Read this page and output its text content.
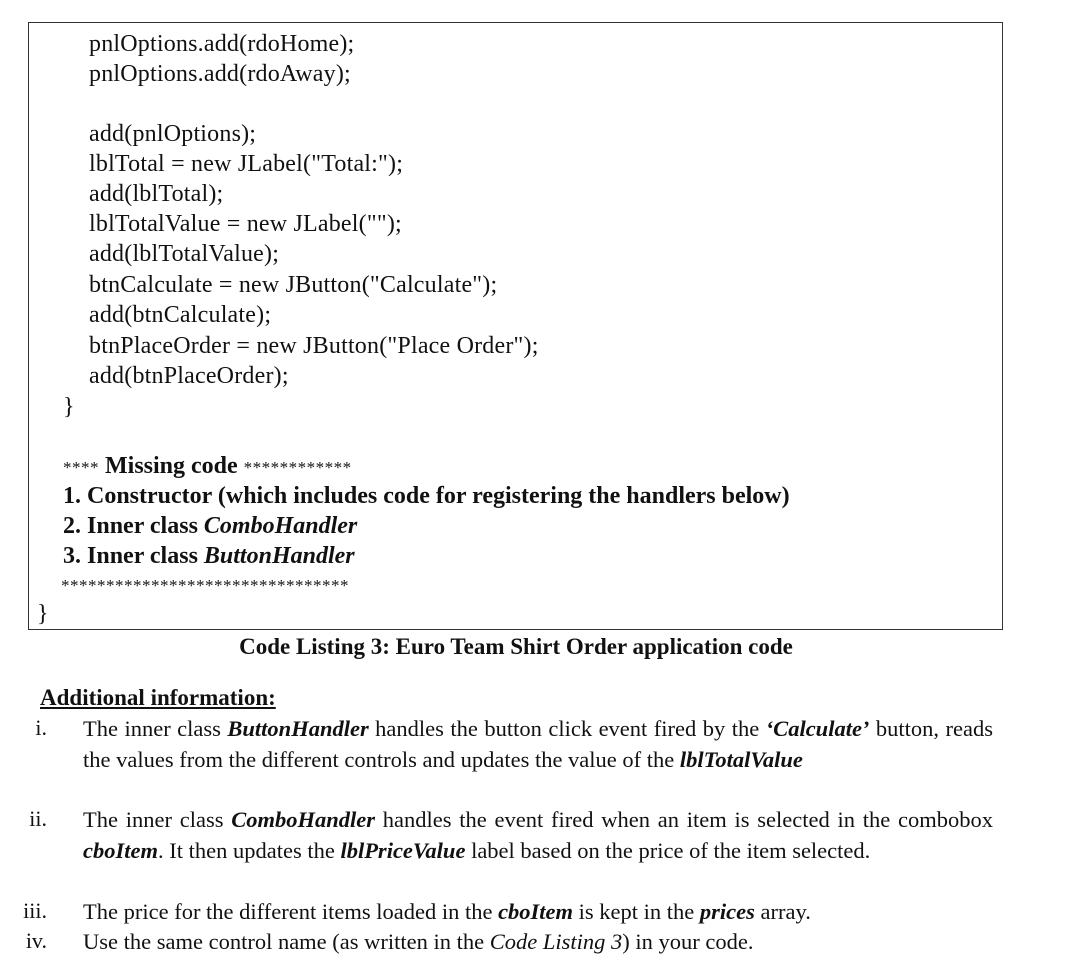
pnlOptions.add(rdoHome);
pnlOptions.add(rdoAway);
add(pnlOptions);
lblTotal = new JLabel("Total:");
add(lblTotal);
lblTotalValue = new JLabel("");
add(lblTotalValue);
btnCalculate = new JButton("Calculate");
add(btnCalculate);
btnPlaceOrder = new JButton("Place Order");
add(btnPlaceOrder);
}
**** Missing code ************
1. Constructor (which includes code for registering the handlers below)
2. Inner class ComboHandler
3. Inner class ButtonHandler
********************************
}
Code Listing 3: Euro Team Shirt Order application code
Additional information:
i. The inner class ButtonHandler handles the button click event fired by the ‘Calculate’ button, reads the values from the different controls and updates the value of the lblTotalValue
ii. The inner class ComboHandler handles the event fired when an item is selected in the combobox cboItem. It then updates the lblPriceValue label based on the price of the item selected.
iii. The price for the different items loaded in the cboItem is kept in the prices array.
iv. Use the same control name (as written in the Code Listing 3) in your code.
